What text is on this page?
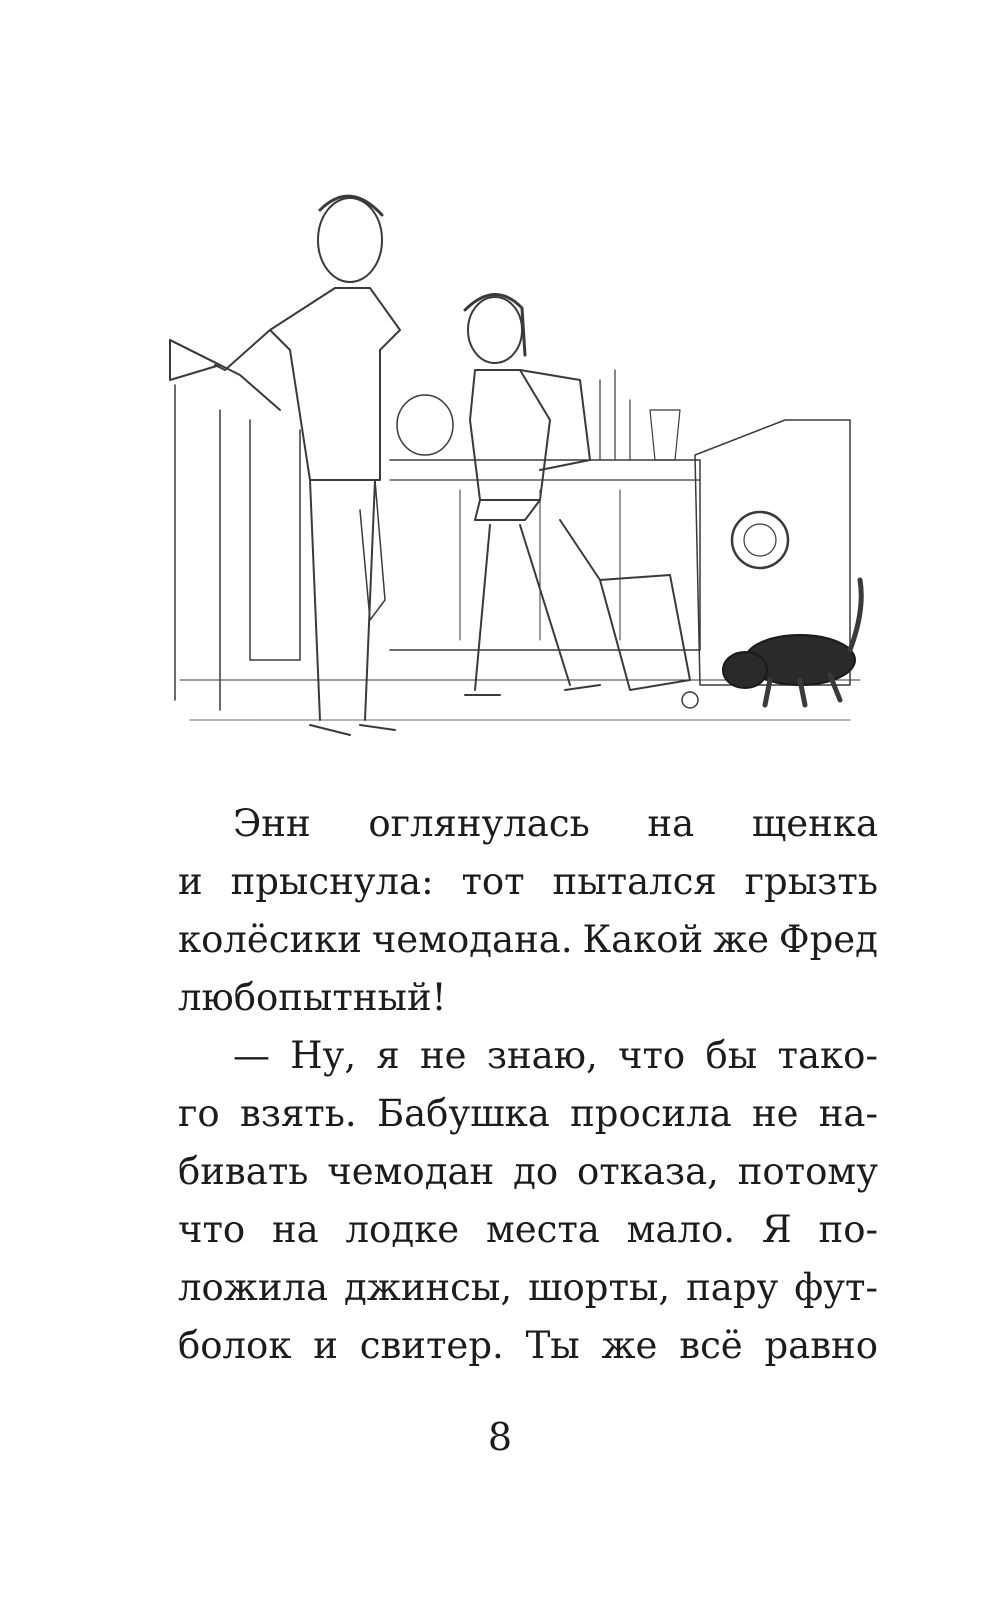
Энн оглянулась на щенка
и прыснула: тот пытался грызть
колёсики чемодана. Какой же Фред
любопытный!
— Ну, я не знаю, что бы тако-
го взять. Бабушка просила не на-
бивать чемодан до отказа, потому
что на лодке места мало. Я по-
ложила джинсы, шорты, пару фут-
болок и свитер. Ты же всё равно
8
